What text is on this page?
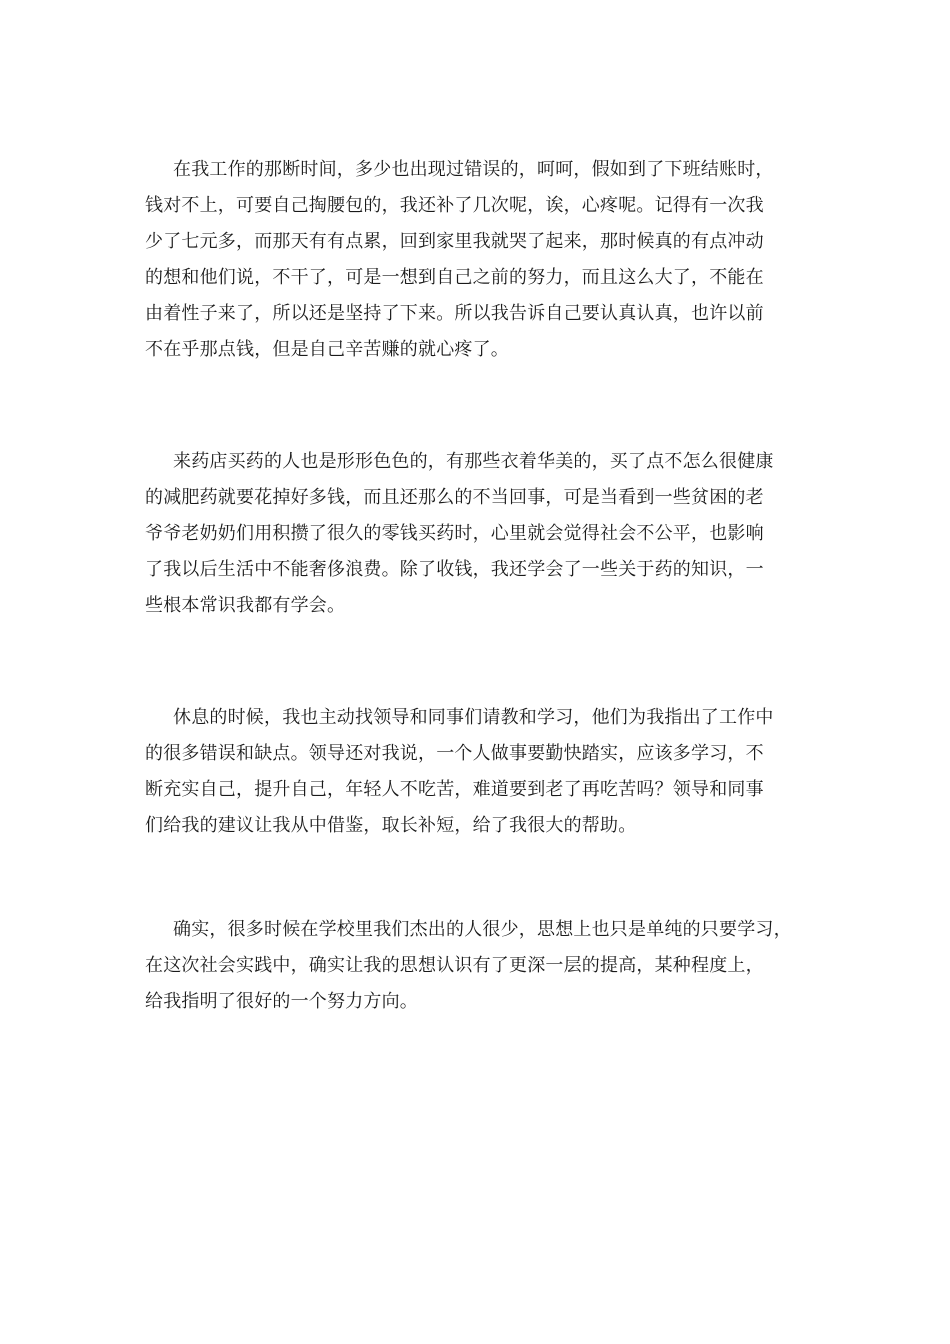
在我工作的那断时间，多少也出现过错误的，呵呵，假如到了下班结账时，
钱对不上，可要自己掏腰包的，我还补了几次呢，诶，心疼呢。记得有一次我
少了七元多，而那天有有点累，回到家里我就哭了起来，那时候真的有点冲动
的想和他们说，不干了，可是一想到自己之前的努力，而且这么大了，不能在
由着性子来了，所以还是坚持了下来。所以我告诉自己要认真认真，也许以前
不在乎那点钱，但是自己辛苦赚的就心疼了。
来药店买药的人也是形形色色的，有那些衣着华美的，买了点不怎么很健康
的减肥药就要花掉好多钱，而且还那么的不当回事，可是当看到一些贫困的老
爷爷老奶奶们用积攒了很久的零钱买药时，心里就会觉得社会不公平，也影响
了我以后生活中不能奢侈浪费。除了收钱，我还学会了一些关于药的知识，一
些根本常识我都有学会。
休息的时候，我也主动找领导和同事们请教和学习，他们为我指出了工作中
的很多错误和缺点。领导还对我说，一个人做事要勤快踏实，应该多学习，不
断充实自己，提升自己，年轻人不吃苦，难道要到老了再吃苦吗？领导和同事
们给我的建议让我从中借鉴，取长补短，给了我很大的帮助。
确实，很多时候在学校里我们杰出的人很少，思想上也只是单纯的只要学习，
在这次社会实践中，确实让我的思想认识有了更深一层的提高，某种程度上，
给我指明了很好的一个努力方向。
